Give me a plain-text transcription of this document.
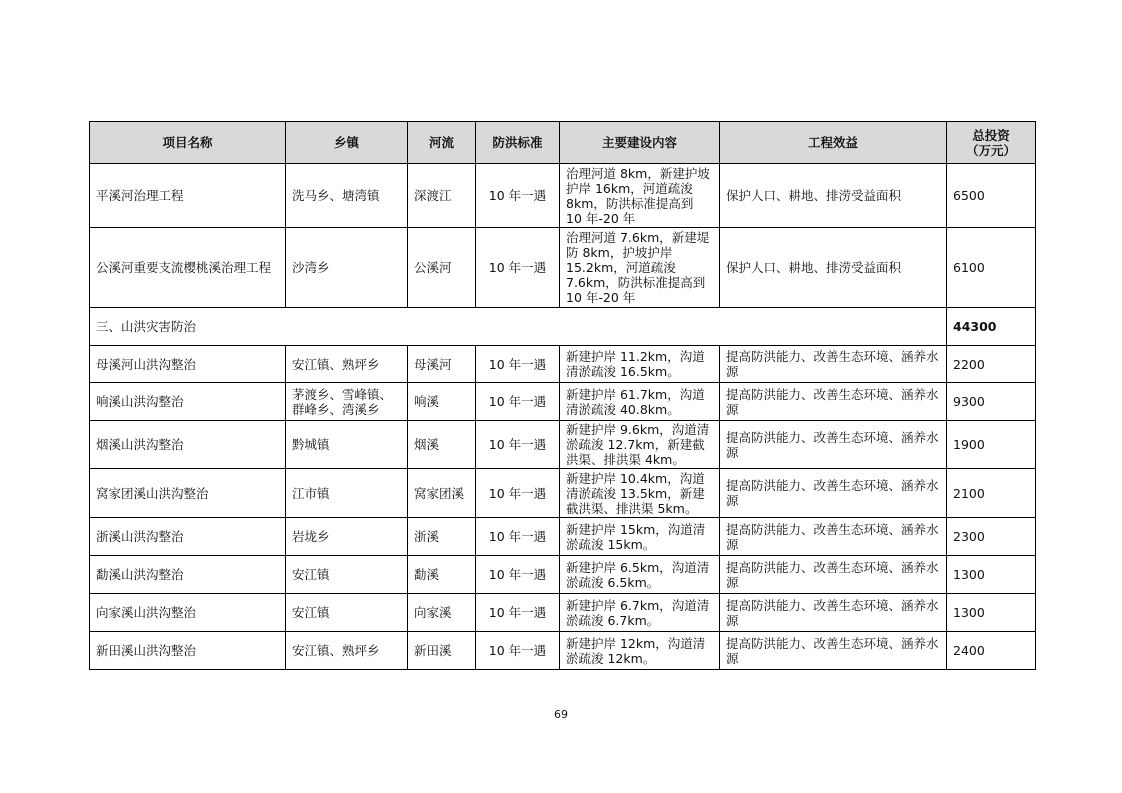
项目名称	乡镇	河流	防洪标准	主要建设内容	工程效益	总投资
（万元）

平溪河治理工程	洗马乡、塘湾镇	深渡江	10 年一遇	治理河道 8km，新建护坡护岸 16km，河道疏浚 8km，防洪标准提高到 10 年-20 年	保护人口、耕地、排涝受益面积	6500
公溪河重要支流樱桃溪治理工程	沙湾乡	公溪河	10 年一遇	治理河道 7.6km，新建堤防 8km，护坡护岸 15.2km，河道疏浚 7.6km，防洪标准提高到 10 年-20 年	保护人口、耕地、排涝受益面积	6100
三、山洪灾害防治						44300
母溪河山洪沟整治	安江镇、熟坪乡	母溪河	10 年一遇	新建护岸 11.2km，沟道清淤疏浚 16.5km。	提高防洪能力、改善生态环境、涵养水源	2200
响溪山洪沟整治	茅渡乡、雪峰镇、群峰乡、湾溪乡	响溪	10 年一遇	新建护岸 61.7km，沟道清淤疏浚 40.8km。	提高防洪能力、改善生态环境、涵养水源	9300
烟溪山洪沟整治	黔城镇	烟溪	10 年一遇	新建护岸 9.6km，沟道清淤疏浚 12.7km，新建截洪渠、排洪渠 4km。	提高防洪能力、改善生态环境、涵养水源	1900
窝家团溪山洪沟整治	江市镇	窝家团溪	10 年一遇	新建护岸 10.4km，沟道清淤疏浚 13.5km，新建截洪渠、排洪渠 5km。	提高防洪能力、改善生态环境、涵养水源	2100
浙溪山洪沟整治	岩垅乡	浙溪	10 年一遇	新建护岸 15km，沟道清淤疏浚 15km。	提高防洪能力、改善生态环境、涵养水源	2300
勫溪山洪沟整治	安江镇	勫溪	10 年一遇	新建护岸 6.5km，沟道清淤疏浚 6.5km。	提高防洪能力、改善生态环境、涵养水源	1300
向家溪山洪沟整治	安江镇	向家溪	10 年一遇	新建护岸 6.7km，沟道清淤疏浚 6.7km。	提高防洪能力、改善生态环境、涵养水源	1300
新田溪山洪沟整治	安江镇、熟坪乡	新田溪	10 年一遇	新建护岸 12km，沟道清淤疏浚 12km。	提高防洪能力、改善生态环境、涵养水源	2400
69
